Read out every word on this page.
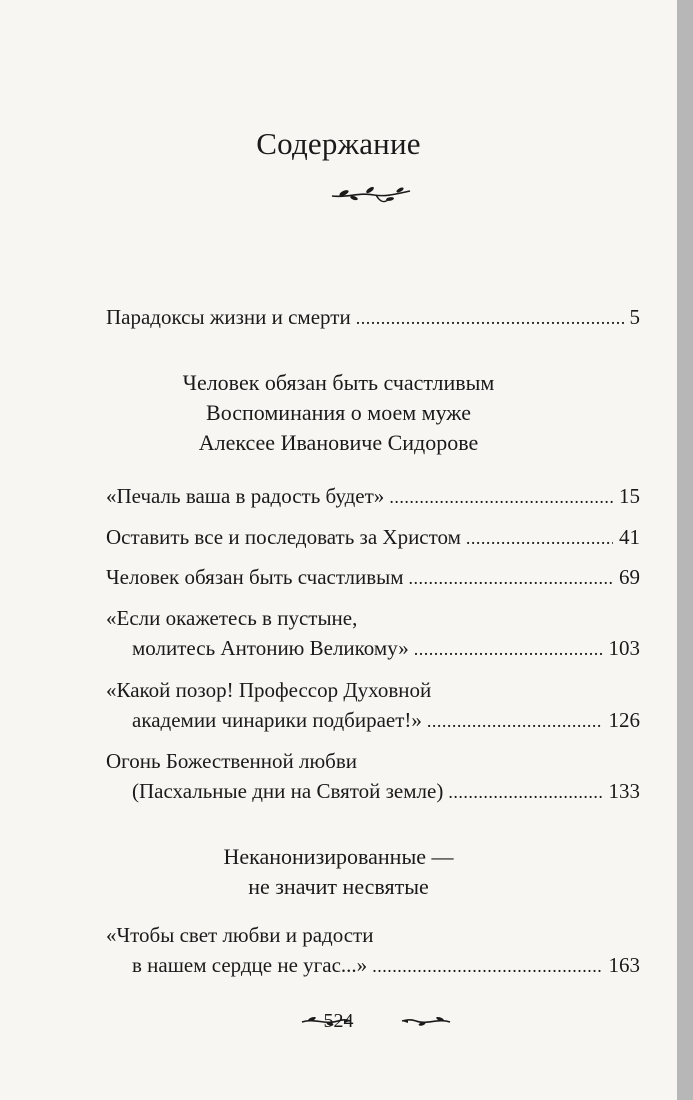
Содержание
Парадоксы жизни и смерти .....	5
Человек обязан быть счастливым
Воспоминания о моем муже
Алексее Ивановиче Сидорове
«Печаль ваша в радость будет» .....	15
Оставить все и последовать за Христом .....	41
Человек обязан быть счастливым .....	69
«Если окажетесь в пустыне,
молитесь Антонию Великому» .....	103
«Какой позор! Профессор Духовной
академии чинарики подбирает!» .....	126
Огонь Божественной любви
(Пасхальные дни на Святой земле) .....	133
Неканонизированные —
не значит несвятые
«Чтобы свет любви и радости
в нашем сердце не угас...» .....	163
524
